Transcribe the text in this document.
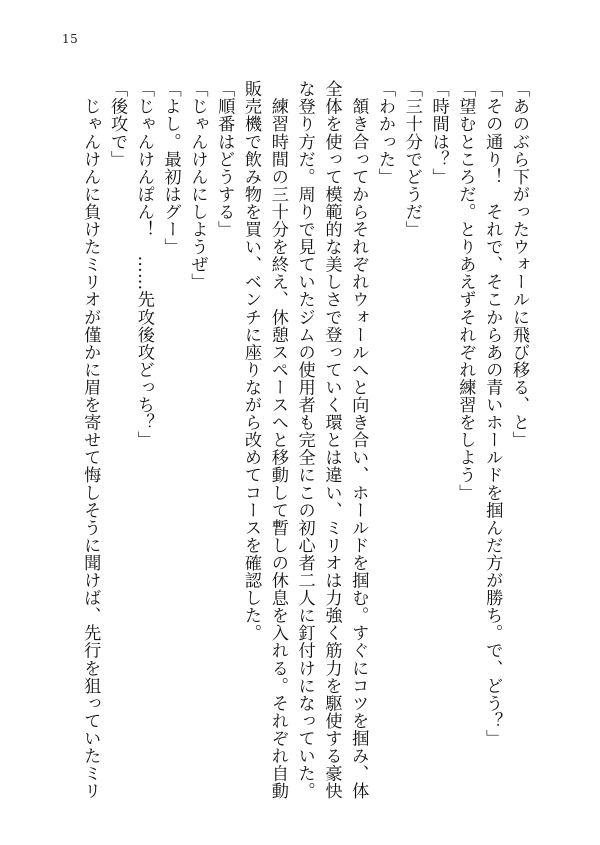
15
「あのぶら下がったウォールに飛び移る、と」
「その通り！　それで、そこからあの青いホールドを掴んだ方が勝ち。で、どう？」
「望むところだ。とりあえずそれぞれ練習をしよう」
「時間は？」
「三十分でどうだ」
「わかった」
　頷き合ってからそれぞれウォールへと向き合い、ホールドを掴む。すぐにコツを掴み、体
全体を使って模範的な美しさで登っていく環とは違い、ミリオは力強く筋力を駆使する豪快
な登り方だ。周りで見ていたジムの使用者も完全にこの初心者二人に釘付けになっていた。
　練習時間の三十分を終え、休憩スペースへと移動して暫しの休息を入れる。それぞれ自動
販売機で飲み物を買い、ベンチに座りながら改めてコースを確認した。
「順番はどうする」
「じゃんけんにしようぜ」
「よし。最初はグー」
「じゃんけんぽん！　……先攻後攻どっち？」
「後攻で」
　じゃんけんに負けたミリオが僅かに眉を寄せて悔しそうに聞けば、先行を狙っていたミリ
